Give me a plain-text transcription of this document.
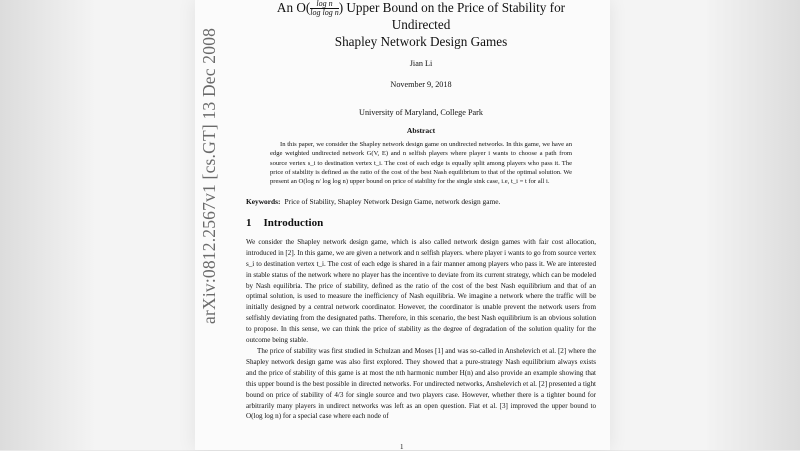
arXiv:0812.2567v1 [cs.GT] 13 Dec 2008
An $O( \frac{\text{log n}}{\text{log log n}}$ ) Upper Bound on the Price of Stability for Undirected
Shapley Network Design Games
Jian Li
November 9, 2018
University of Maryland, College Park
Abstract
In this paper, we consider the Shapley network design game on undirected networks. In this game, we have an edge weighted undirected network G(V, E) and n selfish players where player i wants to choose a path from source vertex s_i to destination vertex t_i. The cost of each edge is equally split among players who pass it. The price of stability is defined as the ratio of the cost of the best Nash equilibrium to that of the optimal solution. We present an O(log n/ log log n) upper bound on price of stability for the single sink case, i.e, t_i = t for all i.
Keywords: Price of Stability, Shapley Network Design Game, network design game.
1 Introduction
We consider the Shapley network design game, which is also called network design games with fair cost allocation, introduced in [2]. In this game, we are given a network and n selfish players. where player i wants to go from source vertex s_i to destination vertex t_i. The cost of each edge is shared in a fair manner among players who pass it. We are interested in stable status of the network where no player has the incentive to deviate from its current strategy, which can be modeled by Nash equilibria. The price of stability, defined as the ratio of the cost of the best Nash equilibrium and that of an optimal solution, is used to measure the inefficiency of Nash equilibria. We imagine a network where the traffic will be initially designed by a central network coordinator. However, the coordinator is unable prevent the network users from selfishly deviating from the designated paths. Therefore, in this scenario, the best Nash equilibrium is an obvious solution to propose. In this sense, we can think the price of stability as the degree of degradation of the solution quality for the outcome being stable.
The price of stability was first studied in Schulzan and Moses [1] and was so-called in Anshelevich et al. [2] where the Shapley network design game was also first explored. They showed that a pure-strategy Nash equilibrium always exists and the price of stability of this game is at most the nth harmonic number H(n) and also provide an example showing that this upper bound is the best possible in directed networks. For undirected networks, Anshelevich et al. [2] presented a tight bound on price of stability of 4/3 for single source and two players case. However, whether there is a tighter bound for arbitrarily many players in undirect networks was left as an open question. Fiat et al. [3] improved the upper bound to O(log log n) for a special case where each node of
1
